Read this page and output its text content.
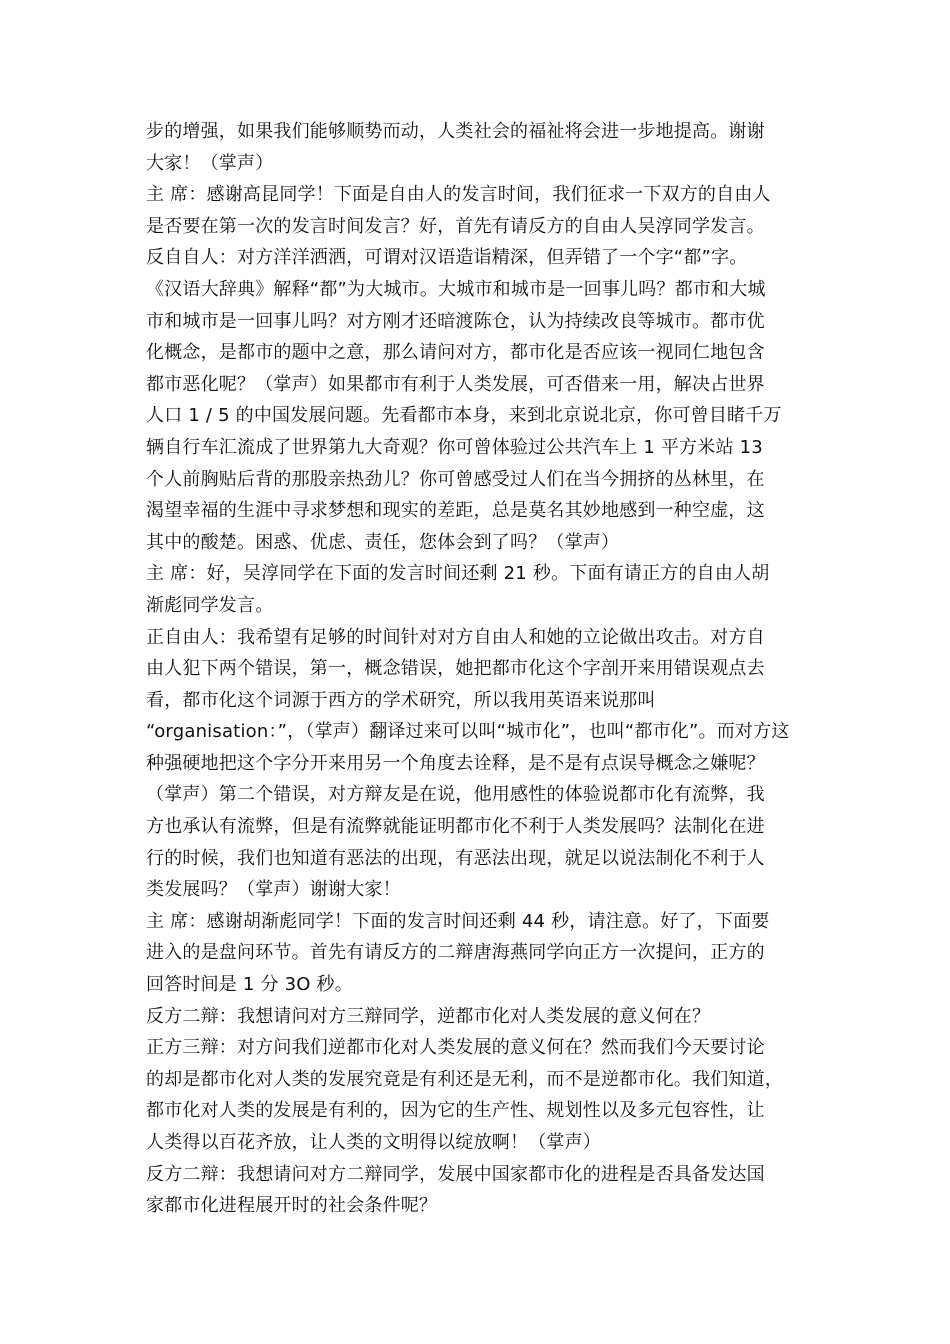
步的增强，如果我们能够顺势而动，人类社会的福祉将会进一步地提高。谢谢
大家！（掌声）
主 席：感谢高昆同学！下面是自由人的发言时间，我们征求一下双方的自由人
是否要在第一次的发言时间发言？好，首先有请反方的自由人吴淳同学发言。
反自自人：对方洋洋洒洒，可谓对汉语造诣精深，但弄错了一个字“都”字。
《汉语大辞典》解释“都”为大城市。大城市和城市是一回事儿吗？都市和大城
市和城市是一回事儿吗？对方刚才还暗渡陈仓，认为持续改良等城市。都市优
化概念，是都市的题中之意，那么请问对方，都市化是否应该一视同仁地包含
都市恶化呢？（掌声）如果都市有利于人类发展，可否借来一用，解决占世界
人口 1 / 5 的中国发展问题。先看都市本身，来到北京说北京，你可曾目睹千万
辆自行车汇流成了世界第九大奇观？你可曾体验过公共汽车上 1 平方米站 13
个人前胸贴后背的那股亲热劲儿？你可曾感受过人们在当今拥挤的丛林里，在
渴望幸福的生涯中寻求梦想和现实的差距，总是莫名其妙地感到一种空虚，这
其中的酸楚。困惑、优虑、责任，您体会到了吗？（掌声）
主 席：好，吴淳同学在下面的发言时间还剩 21 秒。下面有请正方的自由人胡
渐彪同学发言。
正自由人：我希望有足够的时间针对对方自由人和她的立论做出攻击。对方自
由人犯下两个错误，第一，概念错误，她把都市化这个字剖开来用错误观点去
看，都市化这个词源于西方的学术研究，所以我用英语来说那叫
“organisation：”，（掌声）翻译过来可以叫“城市化”，也叫“都市化”。而对方这
种强硬地把这个字分开来用另一个角度去诠释，是不是有点误导概念之嫌呢？
（掌声）第二个错误，对方辩友是在说，他用感性的体验说都市化有流弊，我
方也承认有流弊，但是有流弊就能证明都市化不利于人类发展吗？法制化在进
行的时候，我们也知道有恶法的出现，有恶法出现，就足以说法制化不利于人
类发展吗？（掌声）谢谢大家！
主 席：感谢胡渐彪同学！下面的发言时间还剩 44 秒，请注意。好了，下面要
进入的是盘问环节。首先有请反方的二辩唐海燕同学向正方一次提问，正方的
回答时间是 1 分 3O 秒。
反方二辩：我想请问对方三辩同学，逆都市化对人类发展的意义何在？
正方三辩：对方问我们逆都市化对人类发展的意义何在？然而我们今天要讨论
的却是都市化对人类的发展究竟是有利还是无利，而不是逆都市化。我们知道，
都市化对人类的发展是有利的，因为它的生产性、规划性以及多元包容性，让
人类得以百花齐放，让人类的文明得以绽放啊！（掌声）
反方二辩：我想请问对方二辩同学，发展中国家都市化的进程是否具备发达国
家都市化进程展开时的社会条件呢？
